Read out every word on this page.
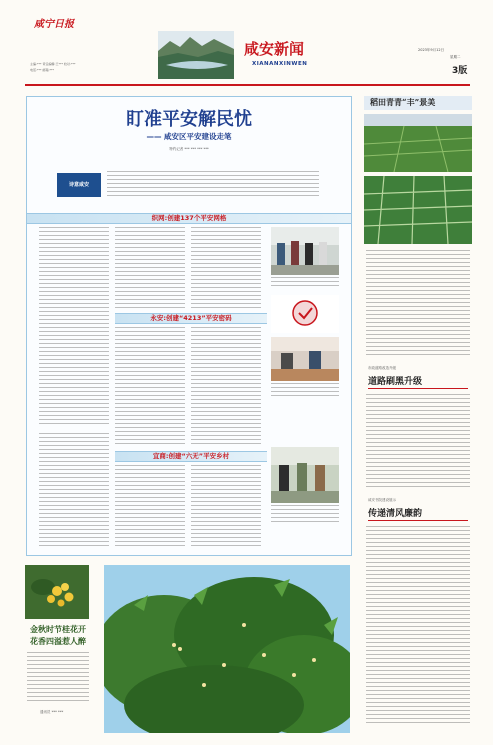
咸宁日报
主编:*** 责任编辑:王*** 校对:***
电话:*** 邮箱:***
咸安新闻
XIANANXINWEN
2023年9月12日
星期二
3版
盯准平安解民忧
—— 咸安区平安建设走笔
特约记者 *** *** *** ***
诗意咸安
织网:创建137个平安网格
永安:创建“4213”平安密码
宜商:创建“六无”平安乡村
稻田青青“丰”景美
市政道路改造升级
道路刷黑升级
咸安书院建设展示
传递清风廉韵
金秋时节桂花开
花香四溢惹人醉
通讯员 *** ***
